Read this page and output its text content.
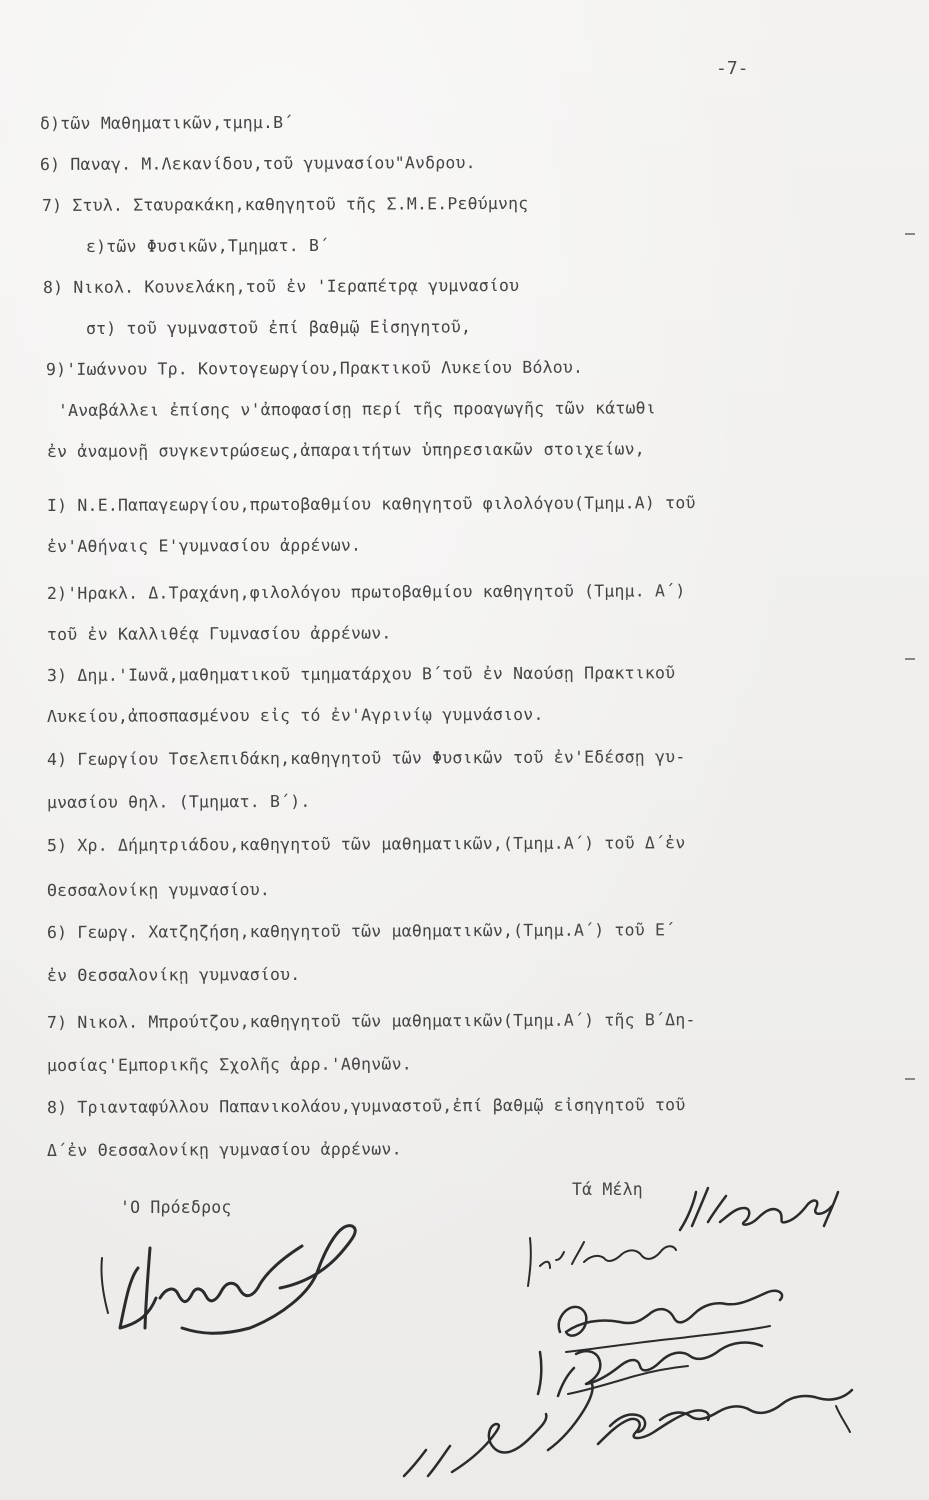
-7-
δ)τῶν Μαθηματικῶν,τμημ.Β΄
6) Παναγ. Μ.Λεκανίδου,τοῦ γυμνασίου"Ανδρου.
7) Στυλ. Σταυρακάκη,καθηγητοῦ τῆς Σ.Μ.Ε.Ρεθύμνης
ε)τῶν Φυσικῶν,Τμηματ. Β΄
8) Νικολ. Κουνελάκη,τοῦ ἐν 'Ιεραπέτρᾳ γυμνασίου
στ) τοῦ γυμναστοῦ ἐπί βαθμῷ Εἰσηγητοῦ,
9)'Ιωάννου Τρ. Κοντογεωργίου,Πρακτικοῦ Λυκείου Βόλου.
'Αναβάλλει ἐπίσης ν'ἀποφασίσῃ περί τῆς προαγωγῆς τῶν κάτωθι
ἐν ἀναμονῇ συγκεντρώσεως,ἀπαραιτήτων ὑπηρεσιακῶν στοιχείων,
I) Ν.Ε.Παπαγεωργίου,πρωτοβαθμίου καθηγητοῦ φιλολόγου(Τμημ.Α) τοῦ
ἐν'Αθήναις Ε'γυμνασίου ἀρρένων.
2)'Ηρακλ. Δ.Τραχάνη,φιλολόγου πρωτοβαθμίου καθηγητοῦ (Τμημ. Α΄)
τοῦ ἐν Καλλιθέᾳ Γυμνασίου ἀρρένων.
3) Δημ.'Ιωνᾶ,μαθηματικοῦ τμηματάρχου Β΄τοῦ ἐν Ναούσῃ Πρακτικοῦ
Λυκείου,ἀποσπασμένου εἰς τό ἐν'Αγρινίῳ γυμνάσιον.
4) Γεωργίου Τσελεπιδάκη,καθηγητοῦ τῶν Φυσικῶν τοῦ ἐν'Εδέσσῃ γυ-
μνασίου θηλ. (Τμηματ. Β΄).
5) Χρ. Δήμητριάδου,καθηγητοῦ τῶν μαθηματικῶν,(Τμημ.Α΄) τοῦ Δ΄ἐν
Θεσσαλονίκῃ γυμνασίου.
6) Γεωργ. Χατζηζήση,καθηγητοῦ τῶν μαθηματικῶν,(Τμημ.Α΄) τοῦ Ε΄
ἐν Θεσσαλονίκῃ γυμνασίου.
7) Νικολ. Μπρούτζου,καθηγητοῦ τῶν μαθηματικῶν(Τμημ.Α΄) τῆς Β΄Δη-
μοσίας'Εμπορικῆς Σχολῆς ἀρρ.'Αθηνῶν.
8) Τριανταφύλλου Παπανικολάου,γυμναστοῦ,ἐπί βαθμῷ εἰσηγητοῦ τοῦ
Δ΄ἐν Θεσσαλονίκῃ γυμνασίου ἀρρένων.
'Ο Πρόεδρος
Τά Μέλη
